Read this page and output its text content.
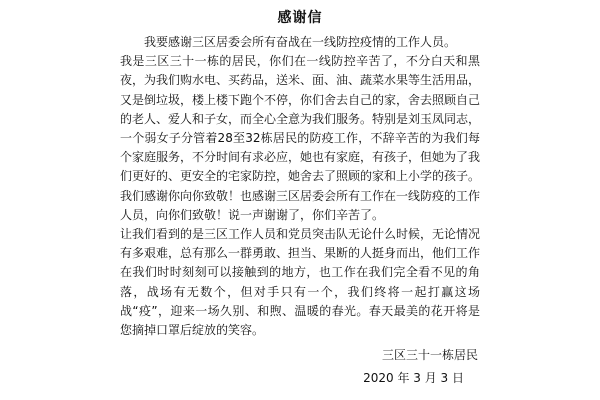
感谢信

我要感谢三区居委会所有奋战在一线防控疫情的工作人员。

我是三区三十一栋的居民，你们在一线防控辛苦了，不分白天和黑夜，为我们购水电、买药品，送米、面、油、蔬菜水果等生活用品，又是倒垃圾，楼上楼下跑个不停，你们舍去自己的家，舍去照顾自己的老人、爱人和子女，而全心全意为我们服务。特别是刘玉凤同志，一个弱女子分管着28至32栋居民的防疫工作，不辞辛苦的为我们每个家庭服务，不分时间有求必应，她也有家庭，有孩子，但她为了我们更好的、更安全的宅家防控，她舍去了照顾的家和上小学的孩子。

我们感谢你向你致敬！也感谢三区居委会所有工作在一线防疫的工作人员，向你们致敬！说一声谢谢了，你们辛苦了。

让我们看到的是三区工作人员和党员突击队无论什么时候，无论情况有多艰难，总有那么一群勇敢、担当、果断的人挺身而出，他们工作在我们时时刻刻可以接触到的地方，也工作在我们完全看不见的角落，战场有无数个，但对手只有一个，我们终将一起打赢这场战“疫”，迎来一场久别、和煦、温暖的春光。春天最美的花开将是您摘掉口罩后绽放的笑容。

三区三十一栋居民
2020 年 3 月 3 日
